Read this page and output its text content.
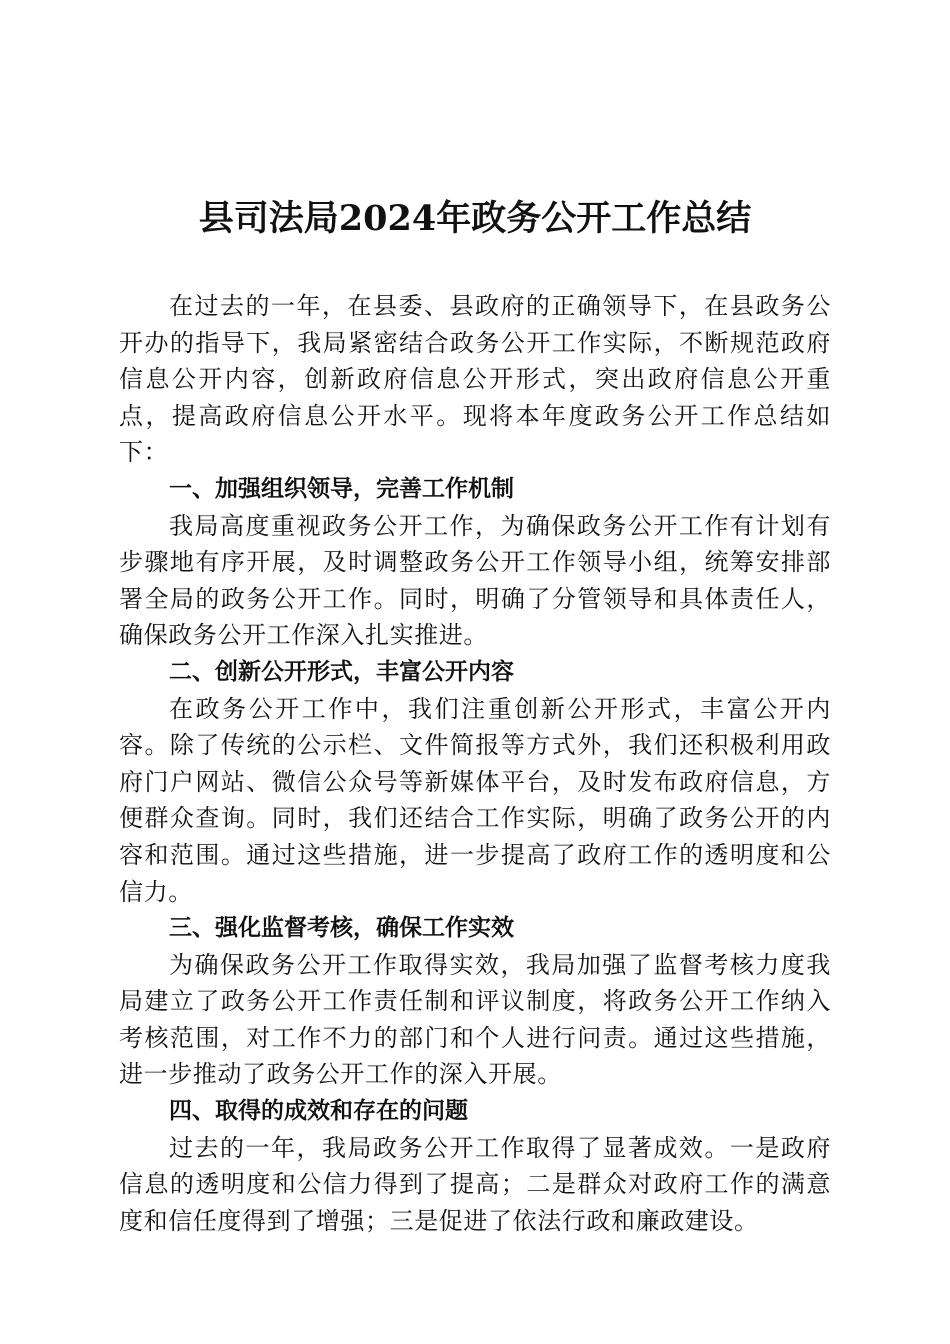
县司法局2024年政务公开工作总结

在过去的一年，在县委、县政府的正确领导下，在县政务公开办的指导下，我局紧密结合政务公开工作实际，不断规范政府信息公开内容，创新政府信息公开形式，突出政府信息公开重点，提高政府信息公开水平。现将本年度政务公开工作总结如下：

一、加强组织领导，完善工作机制

我局高度重视政务公开工作，为确保政务公开工作有计划有步骤地有序开展，及时调整政务公开工作领导小组，统筹安排部署全局的政务公开工作。同时，明确了分管领导和具体责任人，确保政务公开工作深入扎实推进。

二、创新公开形式，丰富公开内容

在政务公开工作中，我们注重创新公开形式，丰富公开内容。除了传统的公示栏、文件简报等方式外，我们还积极利用政府门户网站、微信公众号等新媒体平台，及时发布政府信息，方便群众查询。同时，我们还结合工作实际，明确了政务公开的内容和范围。通过这些措施，进一步提高了政府工作的透明度和公信力。

三、强化监督考核，确保工作实效

为确保政务公开工作取得实效，我局加强了监督考核力度我局建立了政务公开工作责任制和评议制度，将政务公开工作纳入考核范围，对工作不力的部门和个人进行问责。通过这些措施，进一步推动了政务公开工作的深入开展。

四、取得的成效和存在的问题

过去的一年，我局政务公开工作取得了显著成效。一是政府信息的透明度和公信力得到了提高；二是群众对政府工作的满意度和信任度得到了增强；三是促进了依法行政和廉政建设。
